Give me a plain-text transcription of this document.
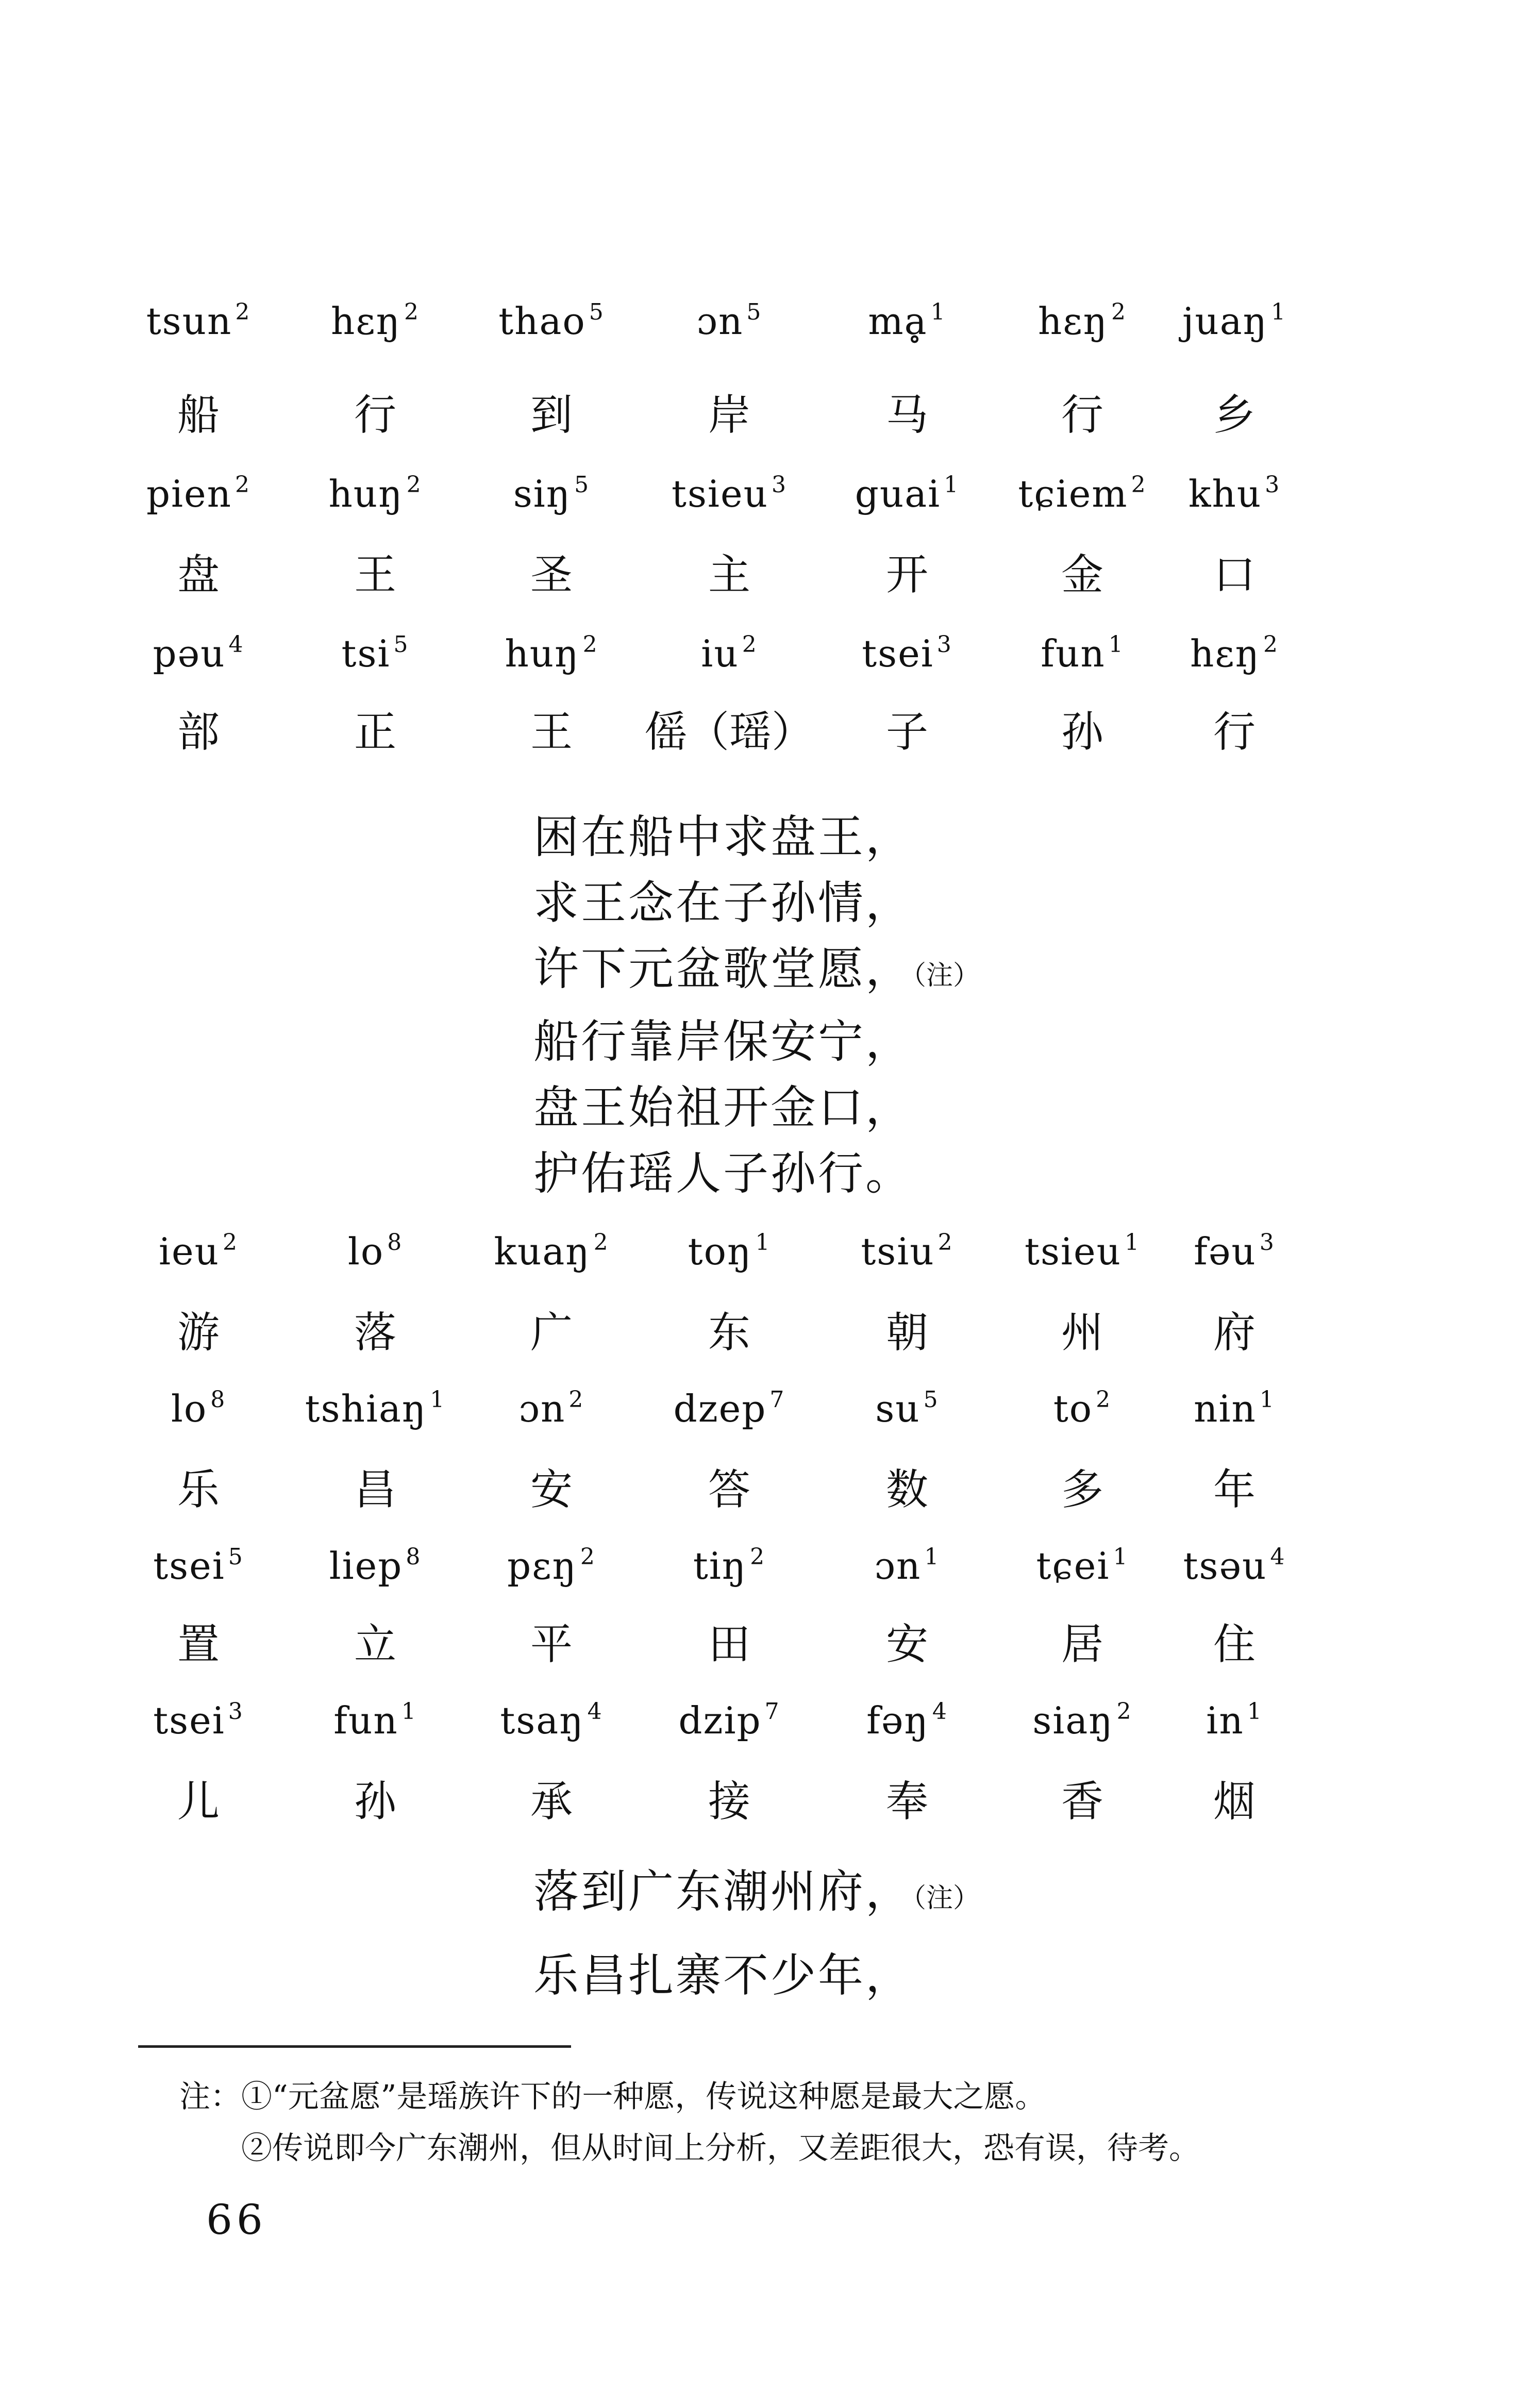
tsun $^2$	hɛŋ $^2$	thao $^5$	ɔn $^5$	mḁ $^1$	hɛŋ $^2$	juaŋ $^1$
船	行	到	岸	马	行	乡
pien $^2$	huŋ $^2$	siŋ $^5$	tsieu $^3$	guai $^1$	tɕiem $^2$	khu $^3$
盘	王	圣	主	开	金	口
pəu $^4$	tsi $^5$	huŋ $^2$	iu $^2$	tsei $^3$	fun $^1$	hɛŋ $^2$
部	正	王	傜（瑶）	子	孙	行
困在船中求盘王，
求王念在子孙情，
许下元盆歌堂愿，（注）
船行靠岸保安宁，
盘王始祖开金口，
护佑瑶人子孙行。
ieu $^2$	lo $^8$	kuaŋ $^2$	toŋ $^1$	tsiu $^2$	tsieu $^1$	fəu $^3$
游	落	广	东	朝	州	府
lo $^8$	tshiaŋ $^1$	ɔn $^2$	dzep $^7$	su $^5$	to $^2$	nin $^1$
乐	昌	安	答	数	多	年
tsei $^5$	liep $^8$	pɛŋ $^2$	tiŋ $^2$	ɔn $^1$	tɕei $^1$	tsəu $^4$
置	立	平	田	安	居	住
tsei $^3$	fun $^1$	tsaŋ $^4$	dzip $^7$	fəŋ $^4$	siaŋ $^2$	in $^1$
儿	孙	承	接	奉	香	烟
落到广东潮州府，（注）
乐昌扎寨不少年，
注：①“元盆愿”是瑶族许下的一种愿，传说这种愿是最大之愿。
②传说即今广东潮州，但从时间上分析，又差距很大，恐有误，待考。
66
